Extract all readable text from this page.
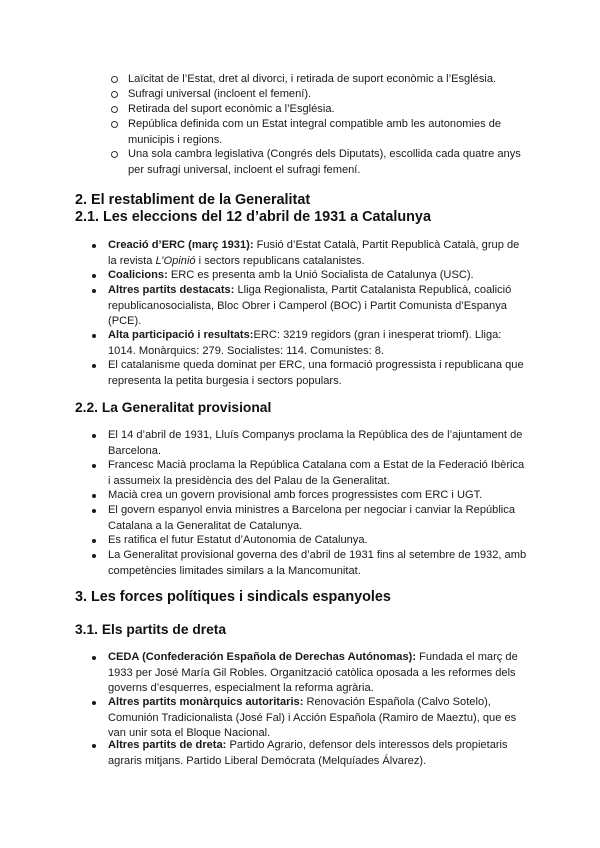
Laïcitat de l’Estat, dret al divorci, i retirada de suport econòmic a l’Església.
Sufragi universal (incloent el femení).
Retirada del suport econòmic a l’Església.
República definida com un Estat integral compatible amb les autonomies de municipis i regions.
Una sola cambra legislativa (Congrés dels Diputats), escollida cada quatre anys per sufragi universal, incloent el sufragi femení.
2. El restabliment de la Generalitat
2.1. Les eleccions del 12 d’abril de 1931 a Catalunya
Creació d’ERC (març 1931): Fusió d’Estat Català, Partit Republicà Català, grup de la revista L’Opinió i sectors republicans catalanistes.
Coalicions: ERC es presenta amb la Unió Socialista de Catalunya (USC).
Altres partits destacats: Lliga Regionalista, Partit Catalanista Republicà, coalició republicanosocialista, Bloc Obrer i Camperol (BOC) i Partit Comunista d’Espanya (PCE).
Alta participació i resultats:ERC: 3219 regidors (gran i inesperat triomf). Lliga: 1014. Monàrquics: 279. Socialistes: 114. Comunistes: 8.
El catalanisme queda dominat per ERC, una formació progressista i republicana que representa la petita burgesia i sectors populars.
2.2. La Generalitat provisional
El 14 d’abril de 1931, Lluís Companys proclama la República des de l’ajuntament de Barcelona.
Francesc Macià proclama la República Catalana com a Estat de la Federació Ibèrica i assumeix la presidència des del Palau de la Generalitat.
Macià crea un govern provisional amb forces progressistes com ERC i UGT.
El govern espanyol envia ministres a Barcelona per negociar i canviar la República Catalana a la Generalitat de Catalunya.
Es ratifica el futur Estatut d’Autonomia de Catalunya.
La Generalitat provisional governa des d’abril de 1931 fins al setembre de 1932, amb competències limitades similars a la Mancomunitat.
3. Les forces polítiques i sindicals espanyoles
3.1. Els partits de dreta
CEDA (Confederación Española de Derechas Autónomas): Fundada el març de 1933 per José María Gil Robles. Organització catòlica oposada a les reformes dels governs d’esquerres, especialment la reforma agrària.
Altres partits monàrquics autoritaris: Renovación Española (Calvo Sotelo), Comunión Tradicionalista (José Fal) i Acción Española (Ramiro de Maeztu), que es van unir sota el Bloque Nacional.
Altres partits de dreta: Partido Agrario, defensor dels interessos dels propietaris agraris mitjans. Partido Liberal Demócrata (Melquíades Álvarez).
